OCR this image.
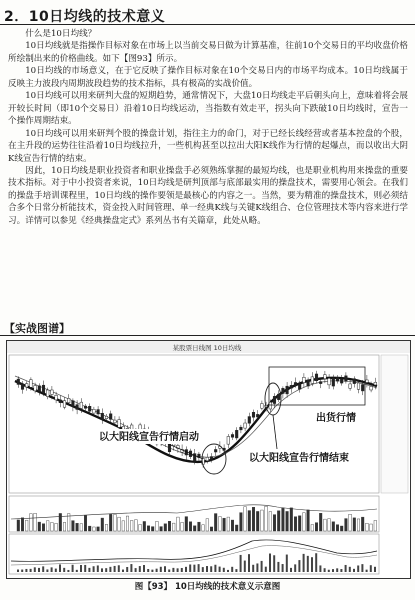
2．10日均线的技术意义

什么是10日均线？

10日均线就是指操作目标对象在市场上以当前交易日做为计算基准，往前10个交易日的平均收盘价格所绘制出来的价格曲线。如下【图93】所示。

10日均线的市场意义，在于它反映了操作目标对象在10个交易日内的市场平均成本。10日均线属于反映主力波段内周期波段趋势的技术指标，具有极高的实战价值。

10日均线可以用来研判大盘的短期趋势，通常情况下，大盘10日均线走平后朝头向上，意味着将会展开较长时间（即10个交易日）沿着10日均线运动，当指数有效走平，拐头向下跌破10日均线时，宣告一个操作周期结束。

10日均线可以用来研判个股的操盘计划，指往主力的命门，对于已经长线经营或者基本控盘的个股，在主升段的运势往往沿着10日均线拉升，一些机构甚至以拉出大阳K线作为行情的起爆点，而以收出大阴K线宣告行情的结束。

因此，10日均线是职业投资者和职业操盘手必须熟练掌握的最短均线，也是职业机构用来操盘的重要技术指标。对于中小投资者来说，10日均线是研判顶部与底部最实用的操盘技术，需要用心领会。在我们的操盘手培训课程里，10日均线的操作要领是最核心的内容之一。当然，要为精准的操盘技术，则必须结合多个日常分析能技术，资金投入时间管理、单一经典K线与关键K线组合、仓位管理技术等内容来进行学习。详情可以参见《经典操盘定式》系列丛书有关篇章，此处从略。

【实战图谱】
某股票日线图 10日均线
以大阳线宣告行情启动
出货行情
以大阳线宣告行情结束
图【93】 10日均线的技术意义示意图
